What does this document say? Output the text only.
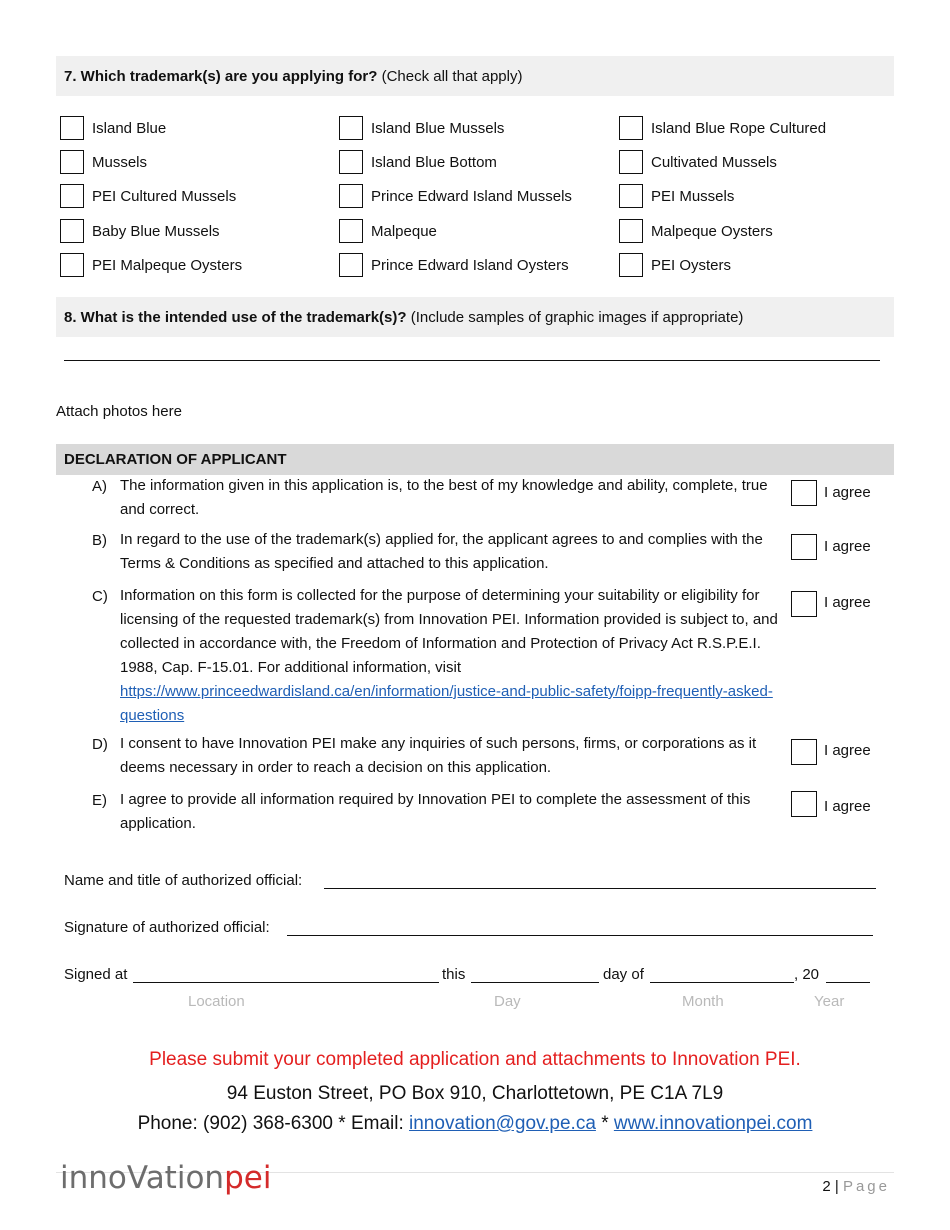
7. Which trademark(s) are you applying for? (Check all that apply)
Island Blue	Island Blue Mussels	Island Blue Rope Cultured
Mussels	Island Blue Bottom	Cultivated Mussels
PEI Cultured Mussels	Prince Edward Island Mussels	PEI Mussels
Baby Blue Mussels	Malpeque	Malpeque Oysters
PEI Malpeque Oysters	Prince Edward Island Oysters	PEI Oysters
8. What is the intended use of the trademark(s)? (Include samples of graphic images if appropriate)
Attach photos here
DECLARATION OF APPLICANT
A) The information given in this application is, to the best of my knowledge and ability, complete, true and correct.
I agree
B) In regard to the use of the trademark(s) applied for, the applicant agrees to and complies with the Terms & Conditions as specified and attached to this application.
I agree
C) Information on this form is collected for the purpose of determining your suitability or eligibility for licensing of the requested trademark(s) from Innovation PEI. Information provided is subject to, and collected in accordance with, the Freedom of Information and Protection of Privacy Act R.S.P.E.I. 1988, Cap. F-15.01. For additional information, visit
https://www.princeedwardisland.ca/en/information/justice-and-public-safety/foipp-frequently-asked-questions
I agree
D) I consent to have Innovation PEI make any inquiries of such persons, firms, or corporations as it deems necessary in order to reach a decision on this application.
I agree
E) I agree to provide all information required by Innovation PEI to complete the assessment of this application.
I agree
Name and title of authorized official:
Signature of authorized official:
Signed at	this	day of	, 20
Location	Day	Month	Year
Please submit your completed application and attachments to Innovation PEI.
94 Euston Street, PO Box 910, Charlottetown, PE C1A 7L9
Phone: (902) 368-6300 * Email: innovation@gov.pe.ca * www.innovationpei.com
innoVationpei	2 | Page
